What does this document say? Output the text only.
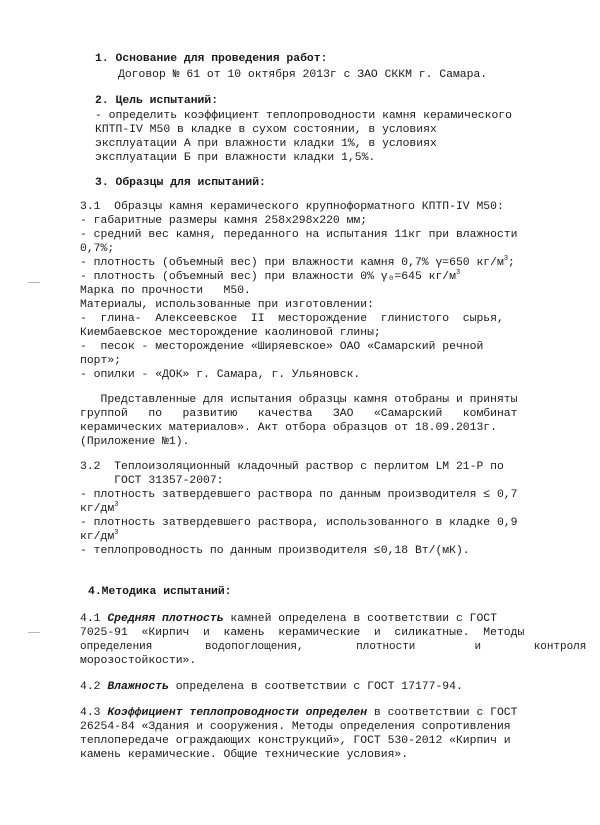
1. Основание для проведения работ:
Договор № 61 от 10 октября 2013г с ЗАО СККМ г. Самара.
2. Цель испытаний:
- определить коэффициент теплопроводности камня керамического
КПТП-IV М50 в кладке в сухом состоянии, в условиях
эксплуатации А при влажности кладки 1%, в условиях
эксплуатации Б при влажности кладки 1,5%.
3. Образцы для испытаний:
3.1  Образцы камня керамического крупноформатного КПТП-IV М50:
- габаритные размеры камня 258х298х220 мм;
- средний вес камня, переданного на испытания 11кг при влажности
0,7%;
- плотность (объемный вес) при влажности камня 0,7% γ=650 $кг/м^3$;
- плотность (объемный вес) при влажности 0% γ₀=645 $кг/м^3$
Марка по прочности   М50.
Материалы, использованные при изготовлении:
-  глина-  Алексеевское  II  месторождение  глинистого  сырья,
Киембаевское месторождение каолиновой глины;
-  песок - месторождение «Ширяевское» ОАО «Самарский речной
порт»;
- опилки - «ДОК» г. Самара, г. Ульяновск.
Представленные для испытания образцы камня отобраны и приняты
группой   по   развитию   качества   ЗАО   «Самарский   комбинат
керамических материалов». Акт отбора образцов от 18.09.2013г.
(Приложение №1).
3.2  Теплоизоляционный кладочный раствор с перлитом LM 21-P по
ГОСТ 31357-2007:
- плотность затвердевшего раствора по данным производителя ≤ 0,7
$кг/дм^3$
- плотность затвердевшего раствора, использованного в кладке 0,9
$кг/дм^3$
- теплопроводность по данным производителя ≤0,18 Вт/(мК).
4.Методика испытаний:
4.1 Средняя плотность камней определена в соответствии с ГОСТ
7025-91  «Кирпич  и  камень  керамические  и  силикатные.  Методы
определения        водопоглощения,        плотности         и        контроля
морозостойкости».
4.2 Влажность определена в соответствии с ГОСТ 17177-94.
4.3 Коэффициент теплопроводности определен в соответствии с ГОСТ
26254-84 «Здания и сооружения. Методы определения сопротивления
теплопередаче ограждающих конструкций», ГОСТ 530-2012 «Кирпич и
камень керамические. Общие технические условия».
